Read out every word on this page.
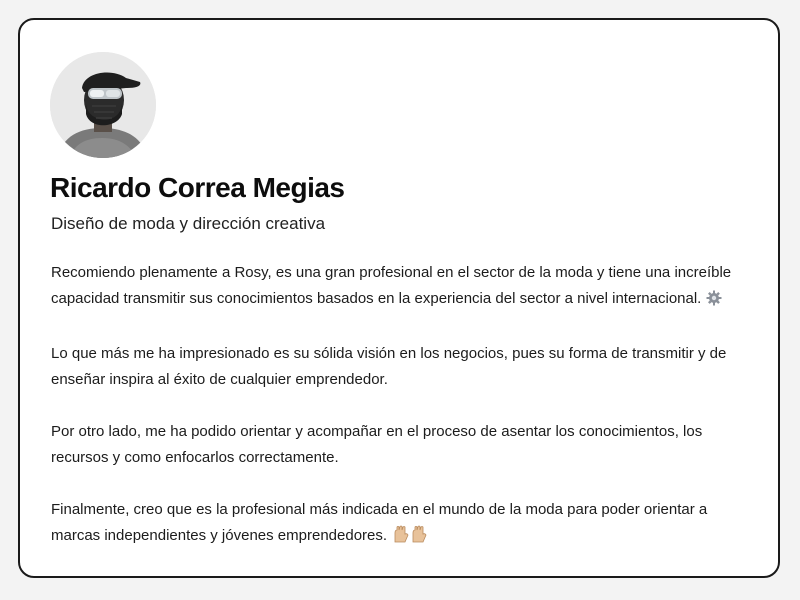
Ricardo Correa Megias

Diseño de moda y dirección creativa

Recomiendo plenamente a Rosy, es una gran profesional en el sector de la moda y tiene una increíble capacidad transmitir sus conocimientos basados en la experiencia del sector a nivel internacional.

Lo que más me ha impresionado es su sólida visión en los negocios, pues su forma de transmitir y de enseñar inspira al éxito de cualquier emprendedor.

Por otro lado, me ha podido orientar y acompañar en el proceso de asentar los conocimientos, los recursos y como enfocarlos correctamente.

Finalmente, creo que es la profesional más indicada en el mundo de la moda para poder orientar a marcas independientes y jóvenes emprendedores.
